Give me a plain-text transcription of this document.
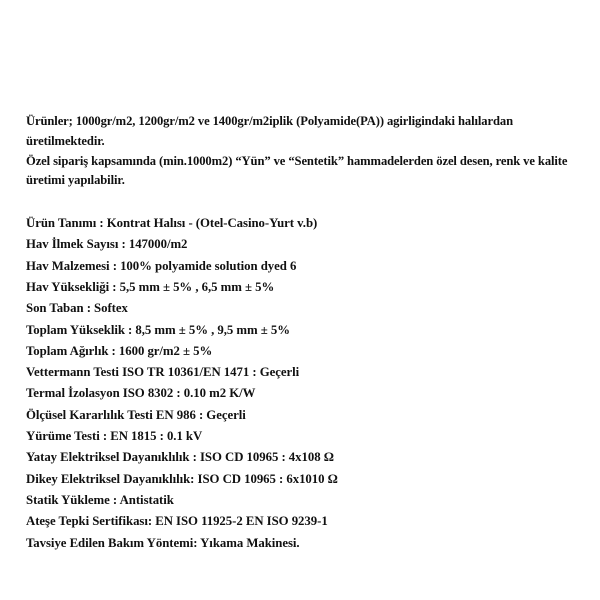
Ürünler; 1000gr/m2, 1200gr/m2 ve 1400gr/m2iplik (Polyamide(PA)) agirligindaki halılardan üretilmektedir.

Özel sipariş kapsamında (min.1000m2) “Yün” ve “Sentetik” hammadelerden özel desen, renk ve kalite üretimi yapılabilir.

Ürün Tanımı : Kontrat Halısı - (Otel-Casino-Yurt v.b)
Hav İlmek Sayısı : 147000/m2
Hav Malzemesi : 100% polyamide solution dyed 6
Hav Yüksekliği : 5,5 mm ± 5% , 6,5 mm ± 5%
Son Taban : Softex
Toplam Yükseklik : 8,5 mm ± 5% , 9,5 mm ± 5%
Toplam Ağırlık : 1600 gr/m2 ± 5%
Vettermann Testi ISO TR 10361/EN 1471 : Geçerli
Termal İzolasyon ISO 8302 : 0.10 m2 K/W
Ölçüsel Kararlılık Testi EN 986 : Geçerli
Yürüme Testi : EN 1815 : 0.1 kV
Yatay Elektriksel Dayanıklılık : ISO CD 10965 : 4x108 Ω
Dikey Elektriksel Dayanıklılık: ISO CD 10965 : 6x1010 Ω
Statik Yükleme : Antistatik
Ateşe Tepki Sertifikası: EN ISO 11925-2 EN ISO 9239-1
Tavsiye Edilen Bakım Yöntemi: Yıkama Makinesi.
